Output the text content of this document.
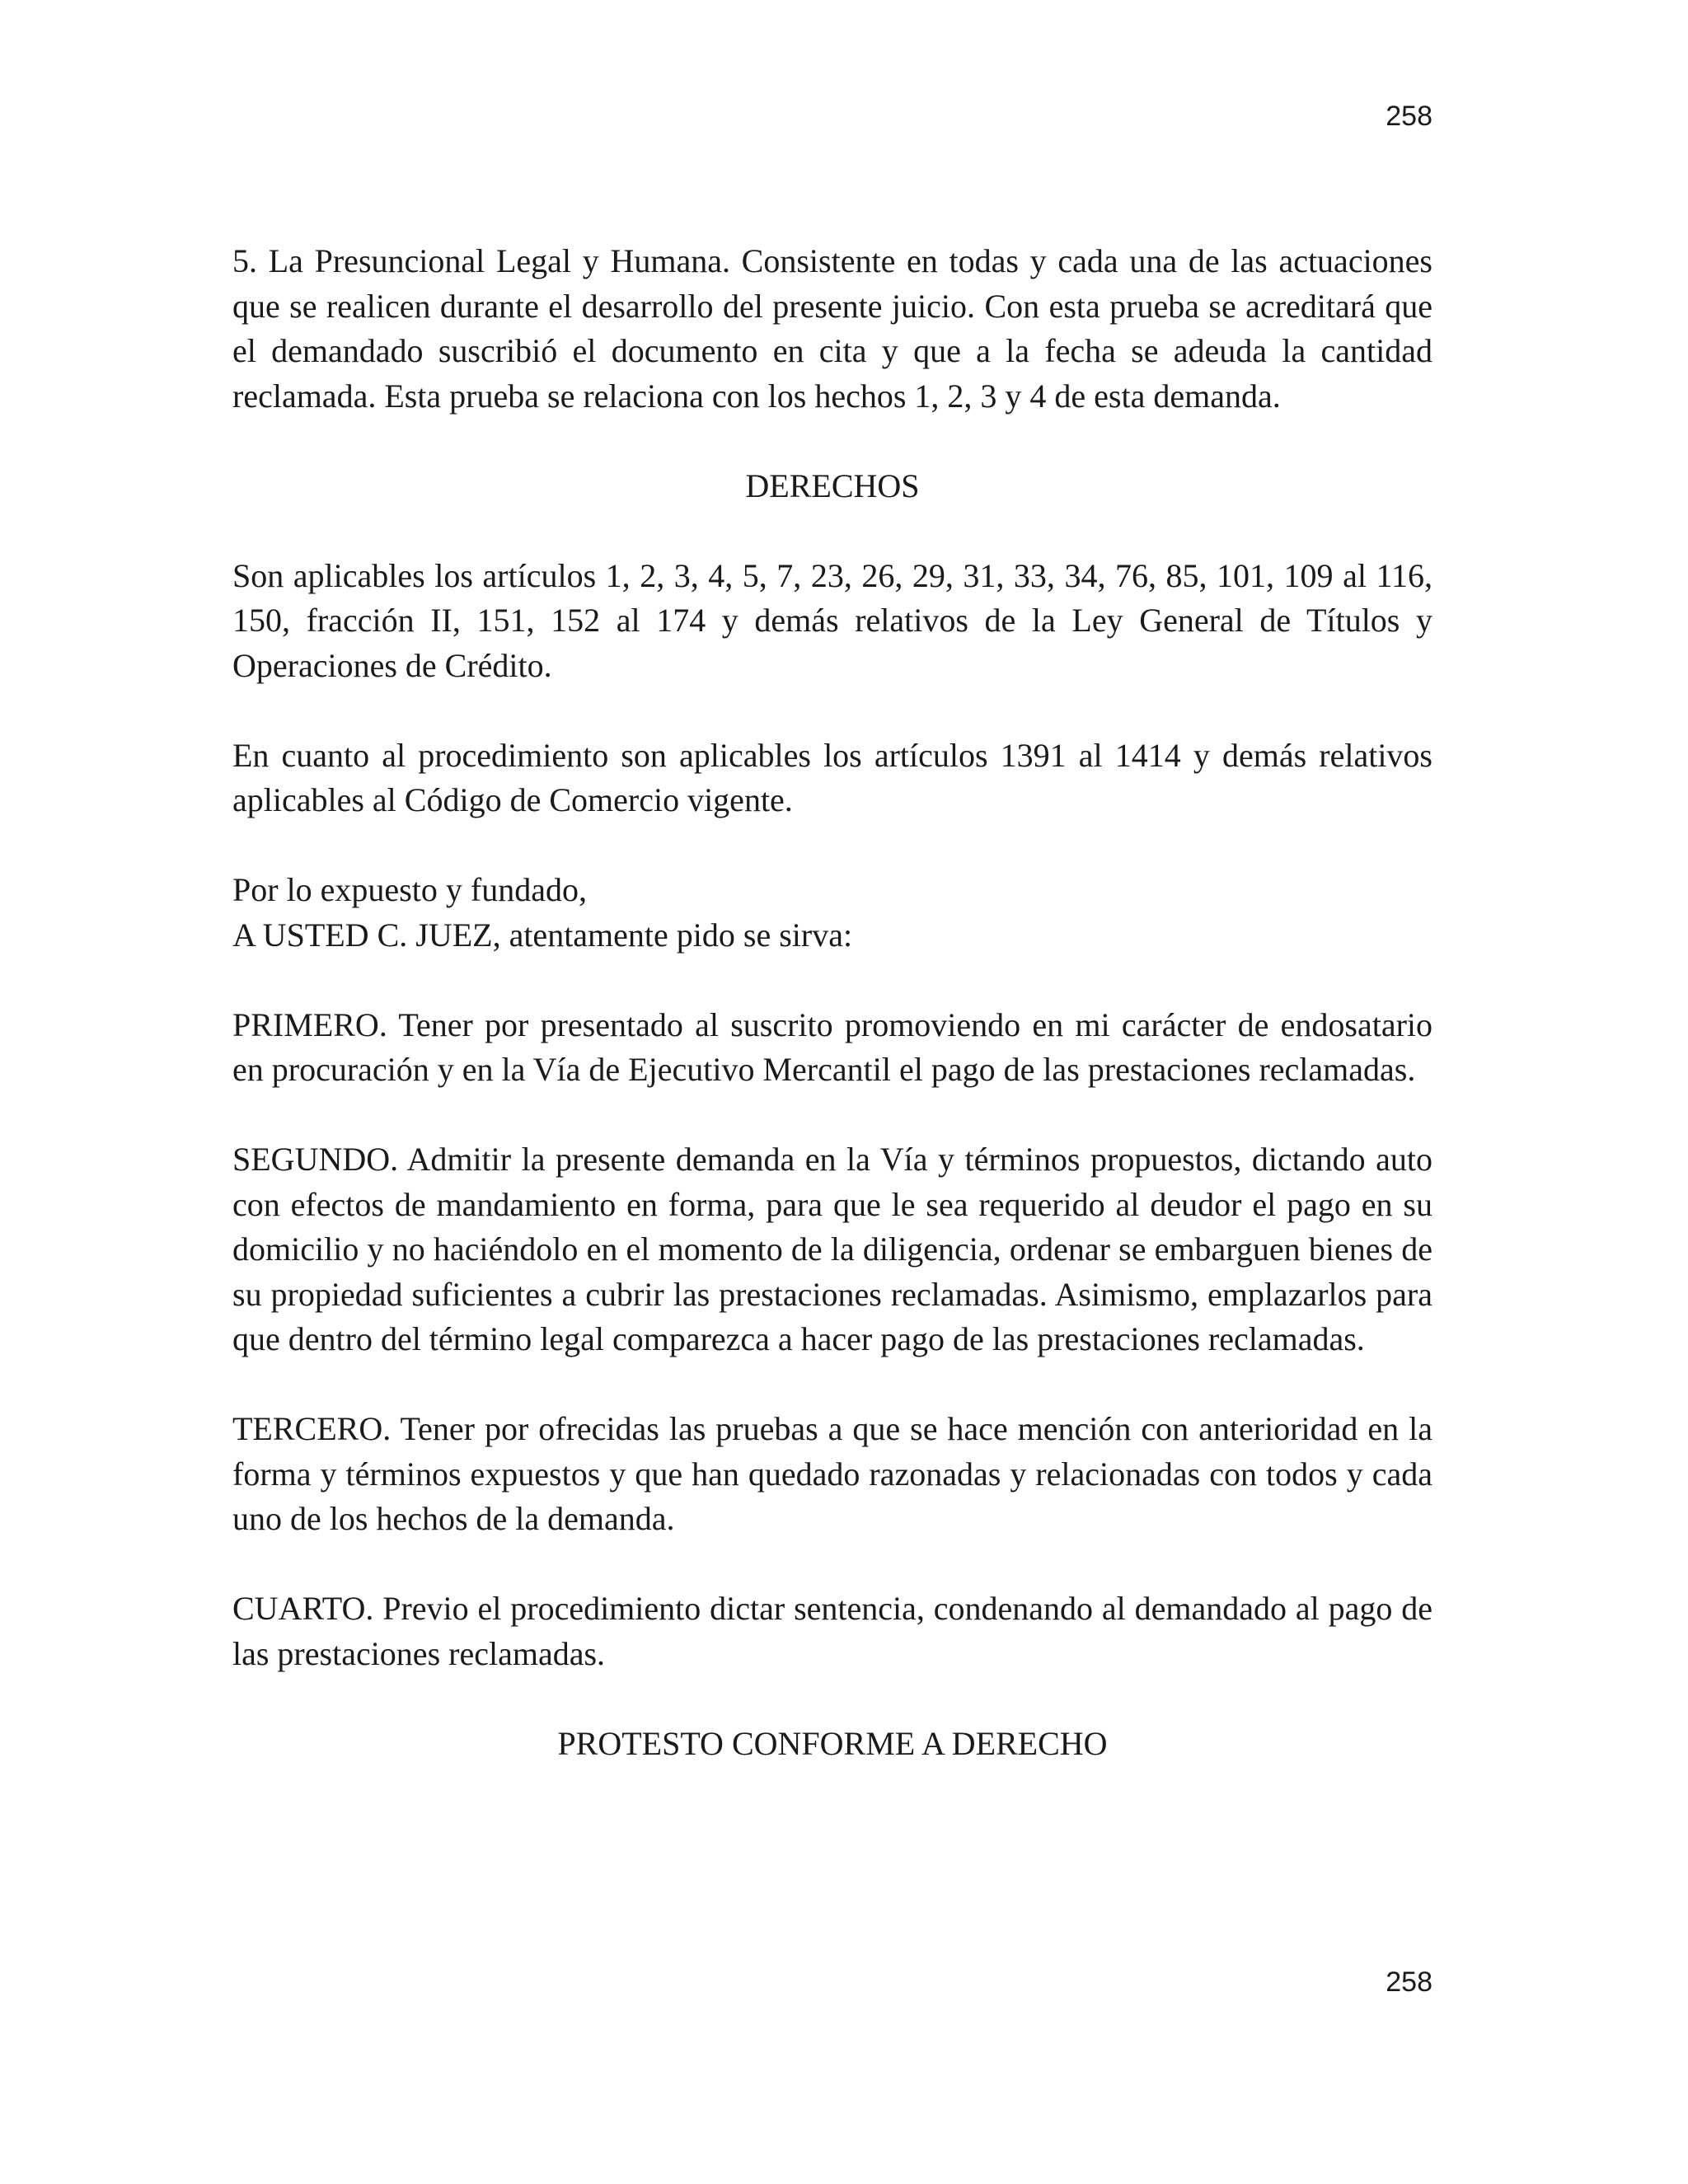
258

5. La Presuncional Legal y Humana. Consistente en todas y cada una de las actuaciones que se realicen durante el desarrollo del presente juicio. Con esta prueba se acreditará que el demandado suscribió el documento en cita y que a la fecha se adeuda la cantidad reclamada. Esta prueba se relaciona con los hechos 1, 2, 3 y 4 de esta demanda.

DERECHOS

Son aplicables los artículos 1, 2, 3, 4, 5, 7, 23, 26, 29, 31, 33, 34, 76, 85, 101, 109 al 116, 150, fracción II, 151, 152 al 174 y demás relativos de la Ley General de Títulos y Operaciones de Crédito.

En cuanto al procedimiento son aplicables los artículos 1391 al 1414 y demás relativos aplicables al Código de Comercio vigente.

Por lo expuesto y fundado,
A USTED C. JUEZ, atentamente pido se sirva:

PRIMERO. Tener por presentado al suscrito promoviendo en mi carácter de endosatario en procuración y en la Vía de Ejecutivo Mercantil el pago de las prestaciones reclamadas.

SEGUNDO. Admitir la presente demanda en la Vía y términos propuestos, dictando auto con efectos de mandamiento en forma, para que le sea requerido al deudor el pago en su domicilio y no haciéndolo en el momento de la diligencia, ordenar se embarguen bienes de su propiedad suficientes a cubrir las prestaciones reclamadas. Asimismo, emplazarlos para que dentro del término legal comparezca a hacer pago de las prestaciones reclamadas.

TERCERO. Tener por ofrecidas las pruebas a que se hace mención con anterioridad en la forma y términos expuestos y que han quedado razonadas y relacionadas con todos y cada uno de los hechos de la demanda.

CUARTO. Previo el procedimiento dictar sentencia, condenando al demandado al pago de las prestaciones reclamadas.

PROTESTO CONFORME A DERECHO

258
